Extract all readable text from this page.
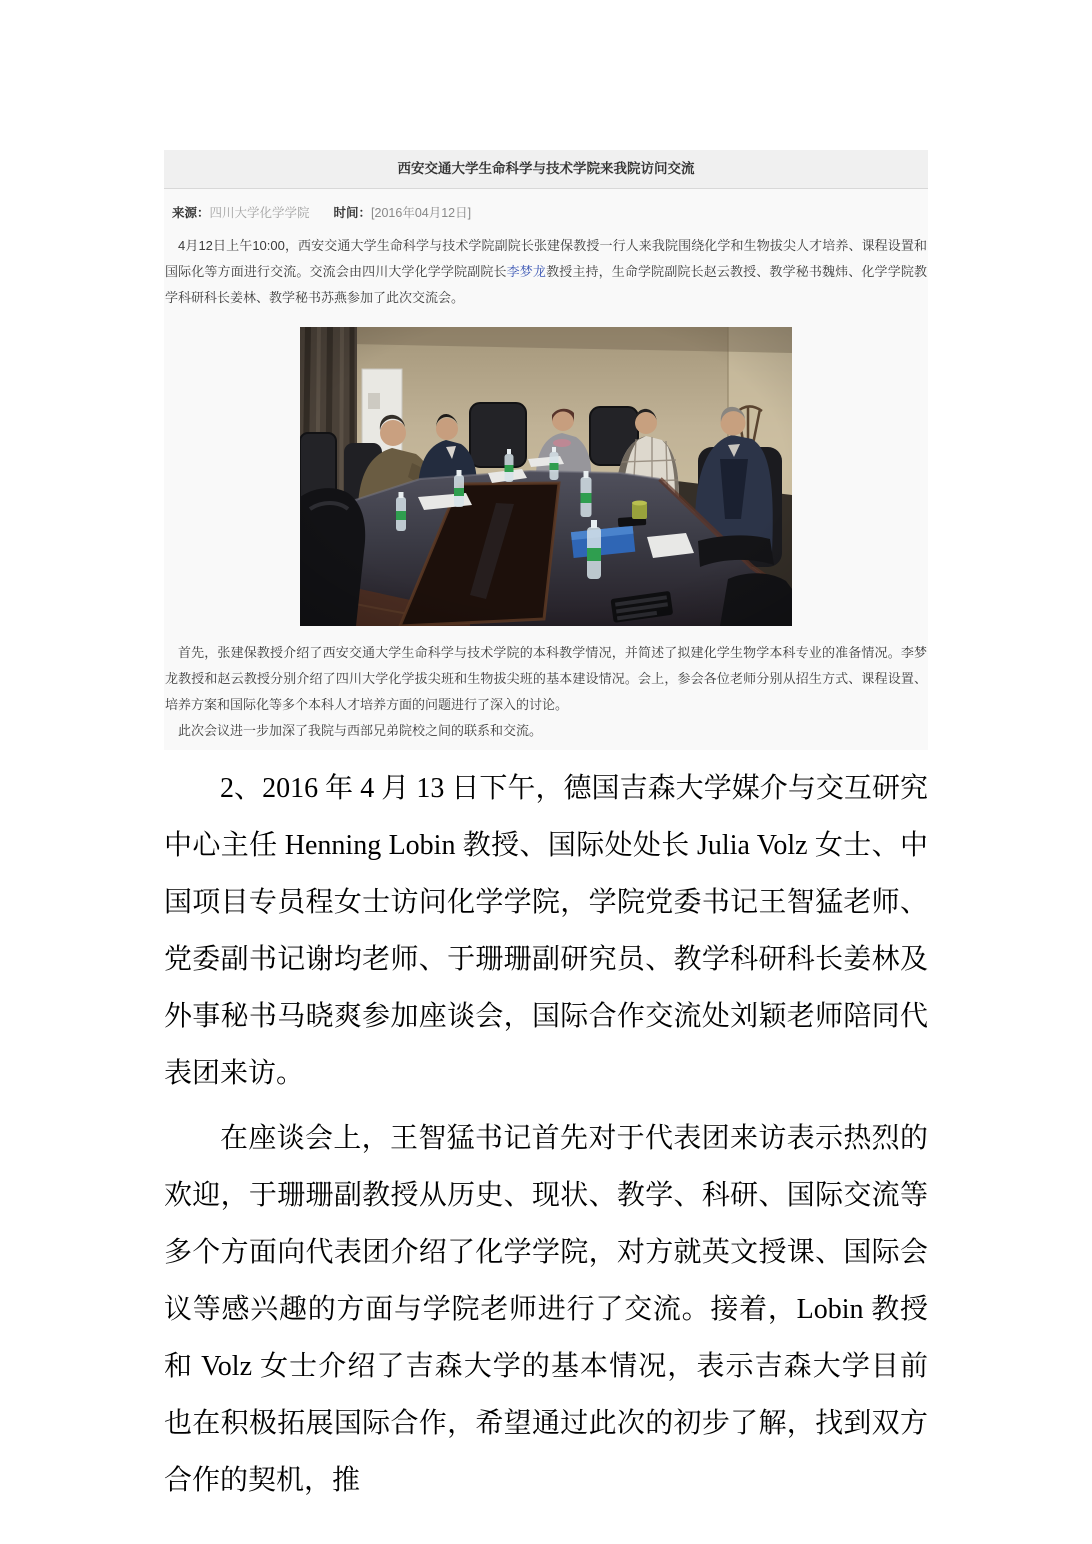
西安交通大学生命科学与技术学院来我院访问交流
来源：四川大学化学学院 时间：[2016年04月12日]

4月12日上午10:00，西安交通大学生命科学与技术学院副院长张建保教授一行人来我院围绕化学和生物拔尖人才培养、课程设置和国际化等方面进行交流。交流会由四川大学化学学院副院长李梦龙教授主持，生命学院副院长赵云教授、教学秘书魏炜、化学学院教学科研科长姜林、教学秘书苏燕参加了此次交流会。

首先，张建保教授介绍了西安交通大学生命科学与技术学院的本科教学情况，并简述了拟建化学生物学本科专业的准备情况。李梦龙教授和赵云教授分别介绍了四川大学化学拔尖班和生物拔尖班的基本建设情况。会上，参会各位老师分别从招生方式、课程设置、培养方案和国际化等多个本科人才培养方面的问题进行了深入的讨论。

此次会议进一步加深了我院与西部兄弟院校之间的联系和交流。

2、2016 年 4 月 13 日下午，德国吉森大学媒介与交互研究中心主任 Henning Lobin 教授、国际处处长 Julia Volz 女士、中国项目专员程女士访问化学学院，学院党委书记王智猛老师、党委副书记谢均老师、于珊珊副研究员、教学科研科长姜林及外事秘书马晓爽参加座谈会，国际合作交流处刘颖老师陪同代表团来访。

在座谈会上，王智猛书记首先对于代表团来访表示热烈的欢迎，于珊珊副教授从历史、现状、教学、科研、国际交流等多个方面向代表团介绍了化学学院，对方就英文授课、国际会议等感兴趣的方面与学院老师进行了交流。接着，Lobin 教授和 Volz 女士介绍了吉森大学的基本情况，表示吉森大学目前也在积极拓展国际合作，希望通过此次的初步了解，找到双方合作的契机，推
